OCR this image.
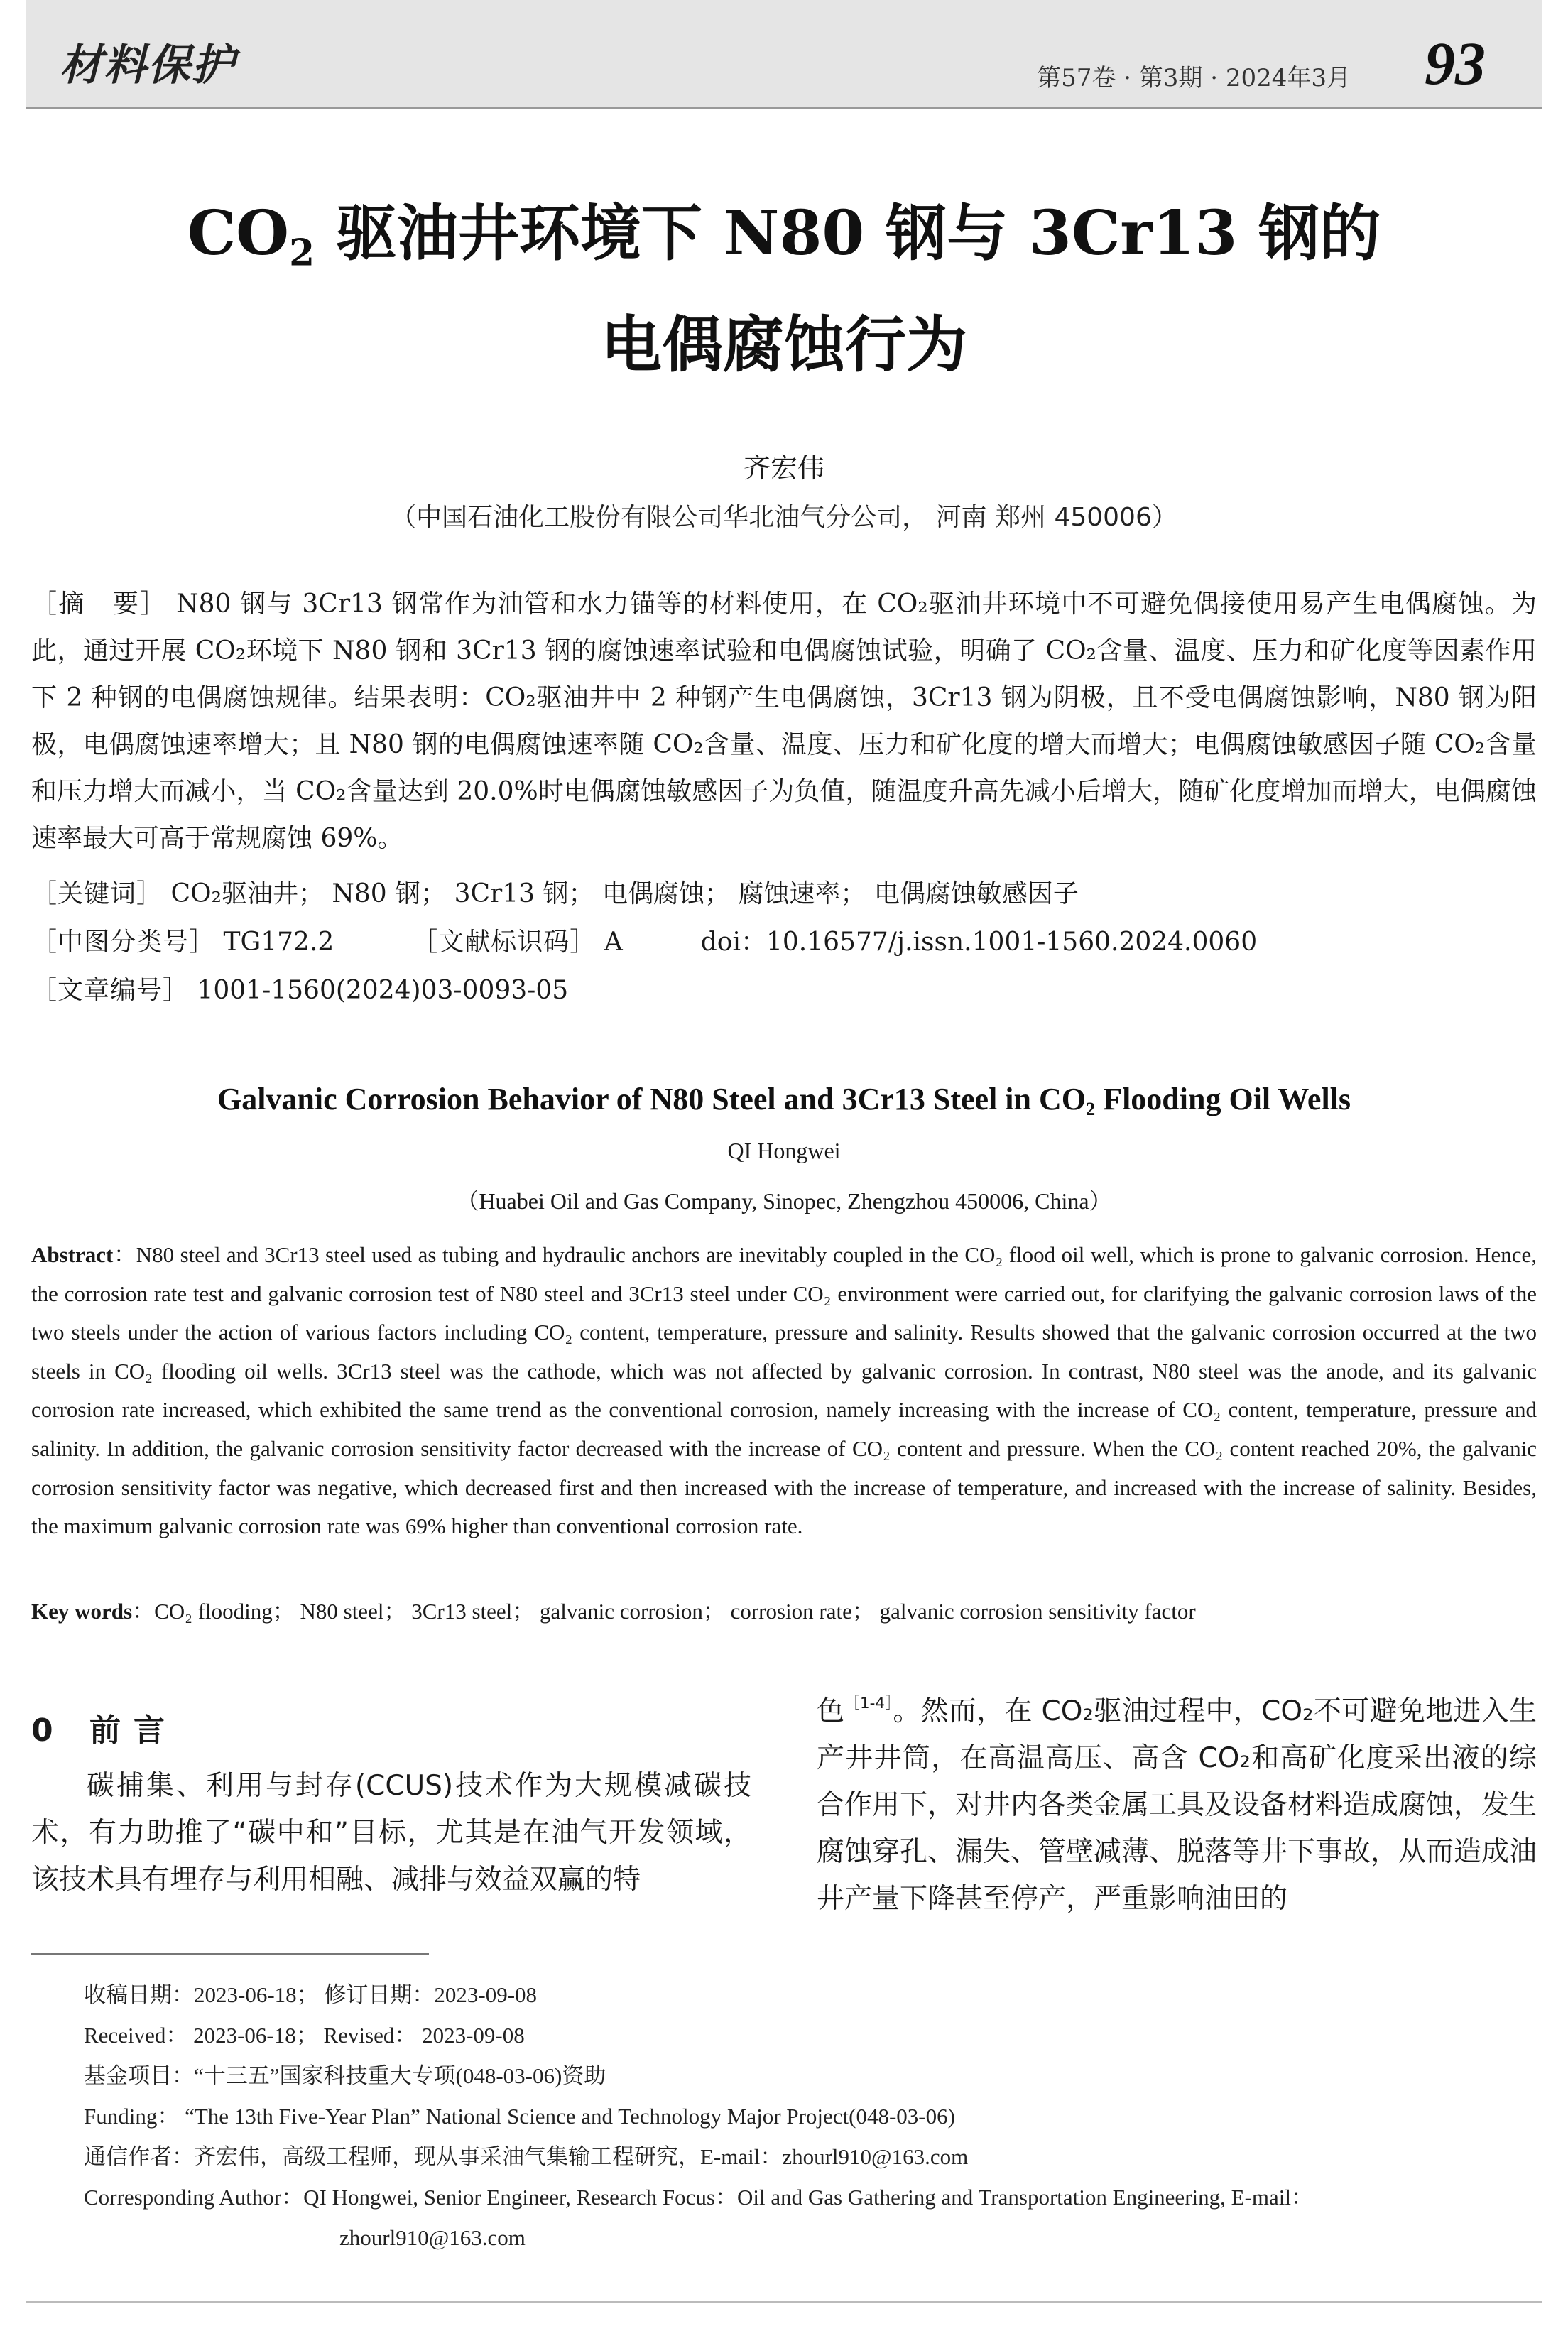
材料保护	第57卷 · 第3期 · 2024年3月 93
$CO_2$ 驱油井环境下 N80 钢与 3Cr13 钢的
电偶腐蚀行为
齐宏伟
（中国石油化工股份有限公司华北油气分公司， 河南 郑州 450006）
［摘　要］ N80 钢与 3Cr13 钢常作为油管和水力锚等的材料使用，在 CO₂驱油井环境中不可避免偶接使用易产生电偶腐蚀。为此，通过开展 CO₂环境下 N80 钢和 3Cr13 钢的腐蚀速率试验和电偶腐蚀试验，明确了 CO₂含量、温度、压力和矿化度等因素作用下 2 种钢的电偶腐蚀规律。结果表明：CO₂驱油井中 2 种钢产生电偶腐蚀，3Cr13 钢为阴极，且不受电偶腐蚀影响，N80 钢为阳极，电偶腐蚀速率增大；且 N80 钢的电偶腐蚀速率随 CO₂含量、温度、压力和矿化度的增大而增大；电偶腐蚀敏感因子随 CO₂含量和压力增大而减小，当 CO₂含量达到 20.0%时电偶腐蚀敏感因子为负值，随温度升高先减小后增大，随矿化度增加而增大，电偶腐蚀速率最大可高于常规腐蚀 69%。
［关键词］ CO₂驱油井； N80 钢； 3Cr13 钢； 电偶腐蚀； 腐蚀速率； 电偶腐蚀敏感因子
［中图分类号］ TG172.2	［文献标识码］ A	doi：10.16577/j.issn.1001-1560.2024.0060
［文章编号］ 1001-1560(2024)03-0093-05
Galvanic Corrosion Behavior of N80 Steel and 3Cr13 Steel in $CO_2$ Flooding Oil Wells
QI Hongwei
（Huabei Oil and Gas Company, Sinopec, Zhengzhou 450006, China）
Abstract：N80 steel and 3Cr13 steel used as tubing and hydraulic anchors are inevitably coupled in the CO₂ flood oil well, which is prone to galvanic corrosion. Hence, the corrosion rate test and galvanic corrosion test of N80 steel and 3Cr13 steel under CO₂ environment were carried out, for clarifying the galvanic corrosion laws of the two steels under the action of various factors including CO₂ content, temperature, pressure and salinity. Results showed that the galvanic corrosion occurred at the two steels in CO₂ flooding oil wells. 3Cr13 steel was the cathode, which was not affected by galvanic corrosion. In contrast, N80 steel was the anode, and its galvanic corrosion rate increased, which exhibited the same trend as the conventional corrosion, namely increasing with the increase of CO₂ content, temperature, pressure and salinity. In addition, the galvanic corrosion sensitivity factor decreased with the increase of CO₂ content and pressure. When the CO₂ content reached 20%, the galvanic corrosion sensitivity factor was negative, which decreased first and then increased with the increase of temperature, and increased with the increase of salinity. Besides, the maximum galvanic corrosion rate was 69% higher than conventional corrosion rate.
Key words：CO₂ flooding； N80 steel； 3Cr13 steel； galvanic corrosion； corrosion rate； galvanic corrosion sensitivity factor
0 前言
碳捕集、利用与封存(CCUS)技术作为大规模减碳技术，有力助推了“碳中和”目标，尤其是在油气开发领域，该技术具有埋存与利用相融、减排与效益双赢的特
色$^{[1-4]}$。然而，在 CO₂驱油过程中，CO₂不可避免地进入生产井井筒，在高温高压、高含 CO₂和高矿化度采出液的综合作用下，对井内各类金属工具及设备材料造成腐蚀，发生腐蚀穿孔、漏失、管壁减薄、脱落等井下事故，从而造成油井产量下降甚至停产，严重影响油田的
收稿日期：2023-06-18； 修订日期：2023-09-08
Received： 2023-06-18； Revised： 2023-09-08
基金项目：“十三五”国家科技重大专项(048-03-06)资助
Funding： “The 13th Five-Year Plan” National Science and Technology Major Project(048-03-06)
通信作者：齐宏伟，高级工程师，现从事采油气集输工程研究，E-mail：zhourl910@163.com
Corresponding Author：QI Hongwei, Senior Engineer, Research Focus：Oil and Gas Gathering and Transportation Engineering, E-mail：
zhourl910@163.com
